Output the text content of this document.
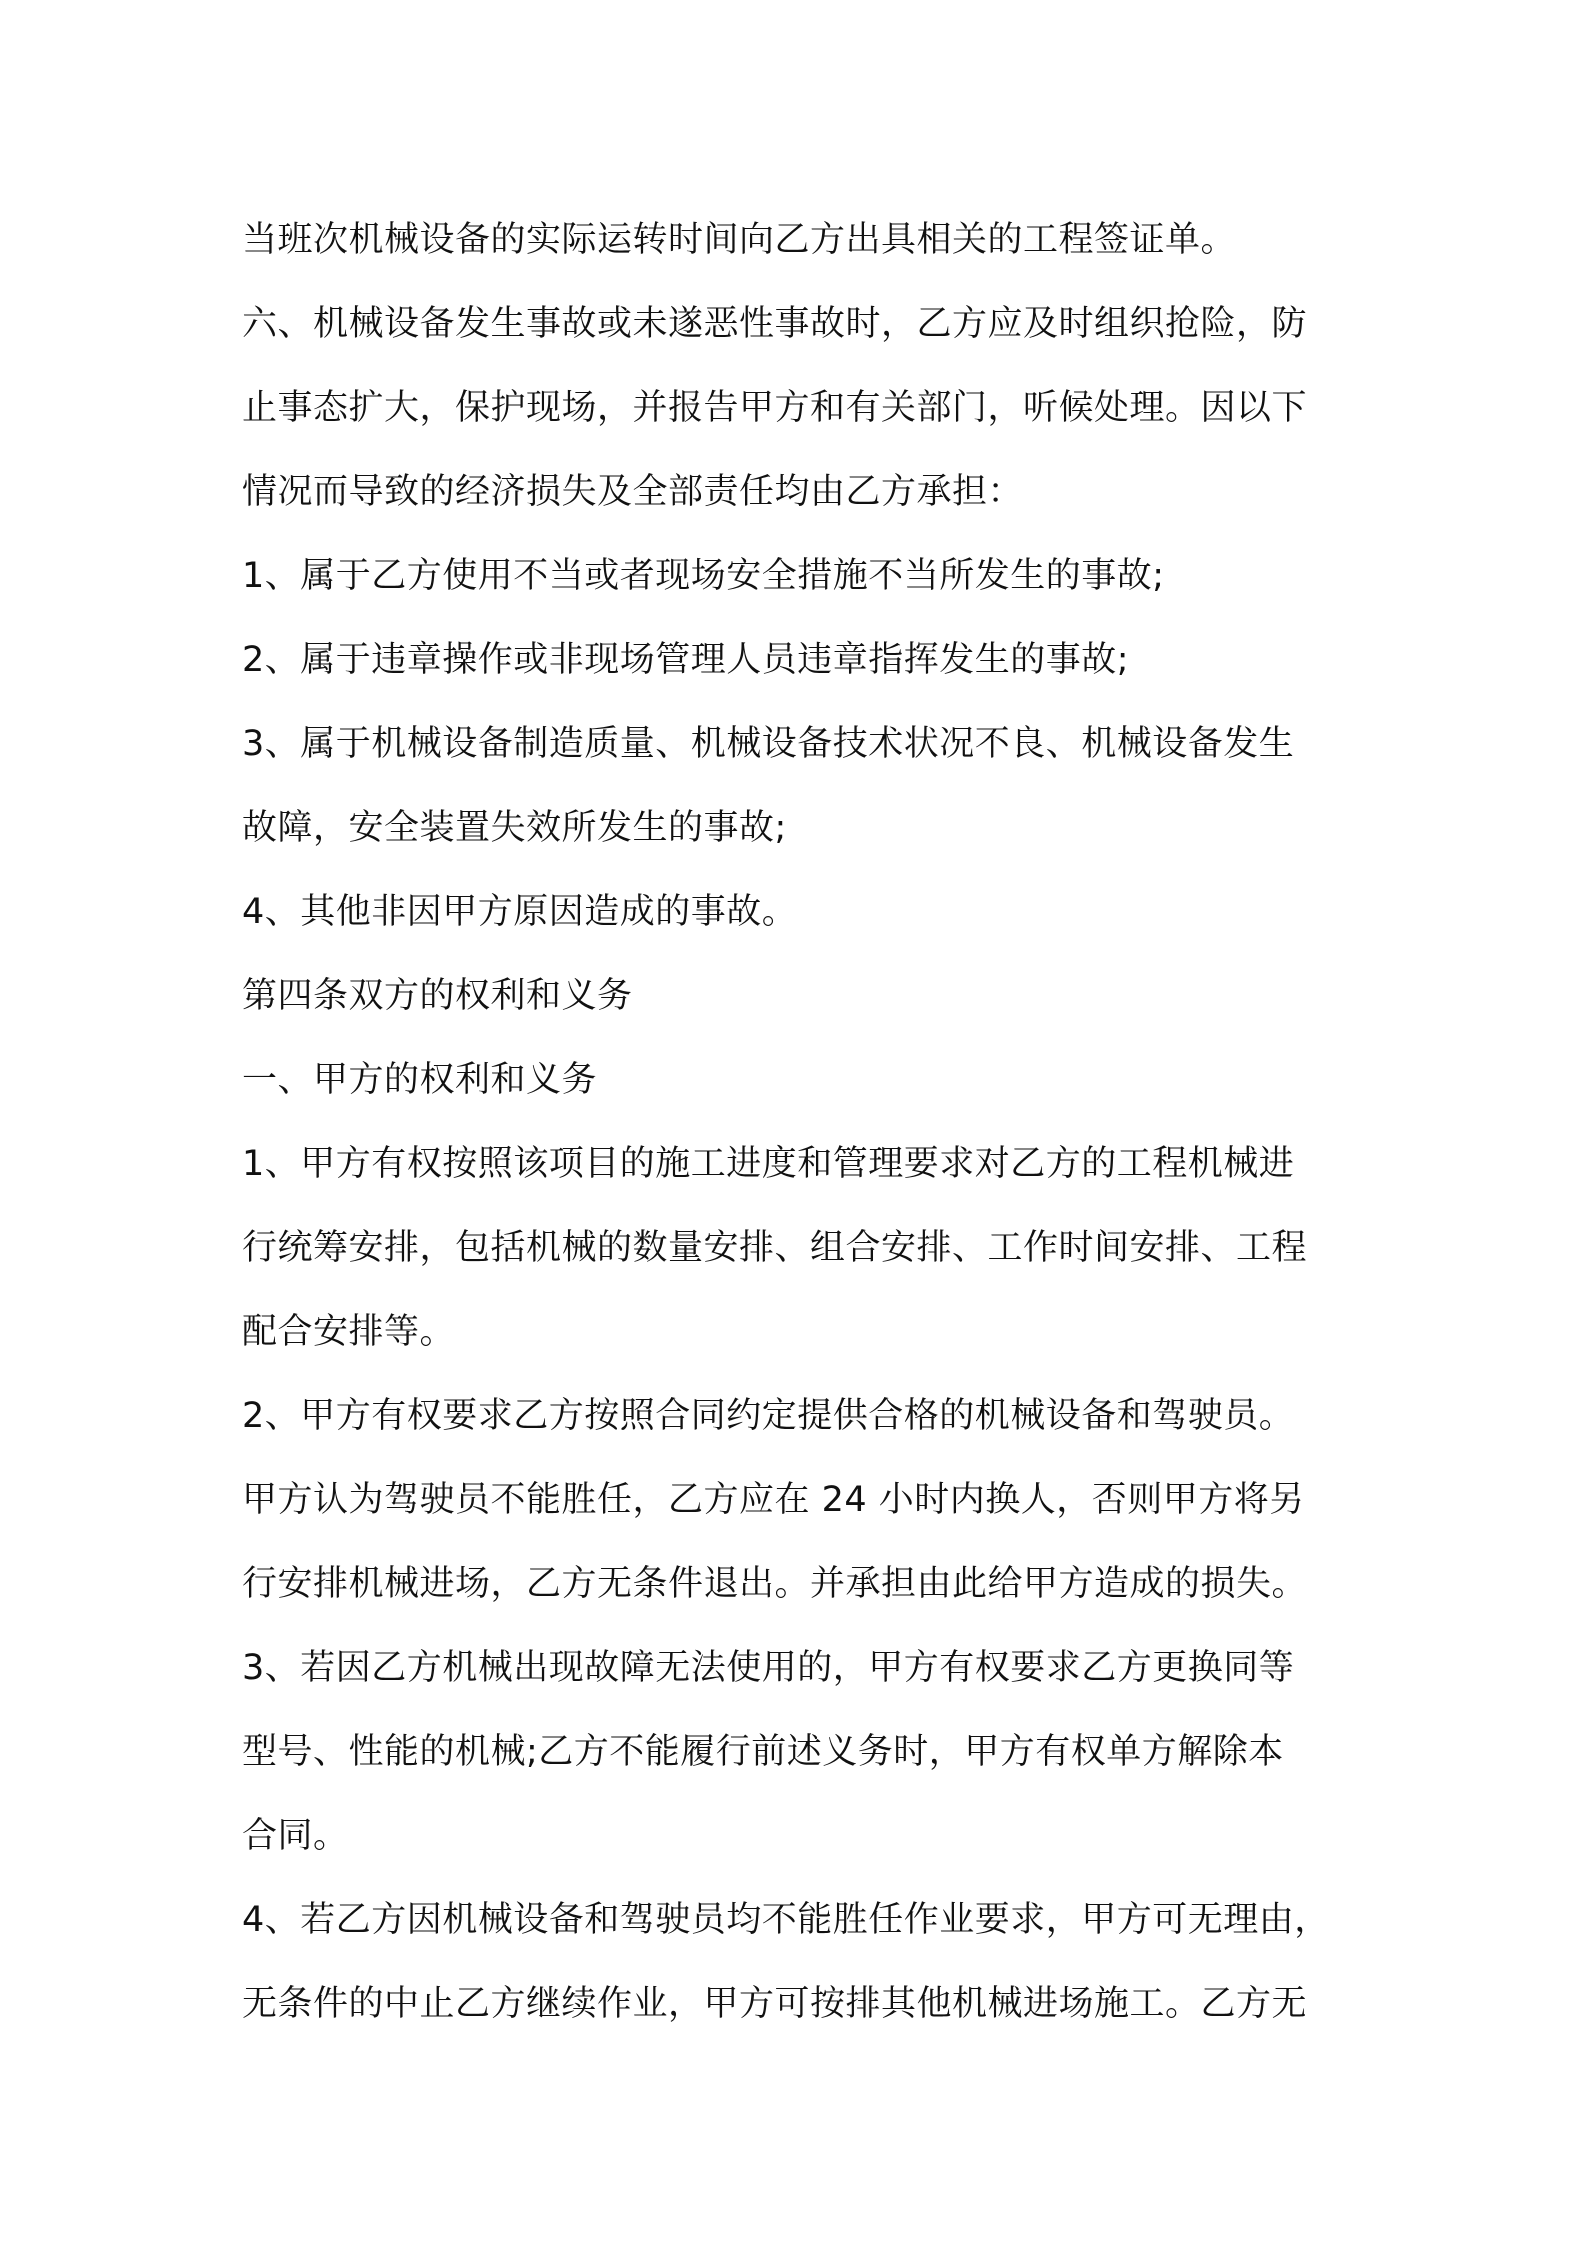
当班次机械设备的实际运转时间向乙方出具相关的工程签证单。

六、机械设备发生事故或未遂恶性事故时，乙方应及时组织抢险，防

止事态扩大，保护现场，并报告甲方和有关部门，听候处理。因以下

情况而导致的经济损失及全部责任均由乙方承担：

1、属于乙方使用不当或者现场安全措施不当所发生的事故;

2、属于违章操作或非现场管理人员违章指挥发生的事故;

3、属于机械设备制造质量、机械设备技术状况不良、机械设备发生

故障，安全装置失效所发生的事故;

4、其他非因甲方原因造成的事故。

第四条双方的权利和义务

一、甲方的权利和义务

1、甲方有权按照该项目的施工进度和管理要求对乙方的工程机械进

行统筹安排，包括机械的数量安排、组合安排、工作时间安排、工程

配合安排等。

2、甲方有权要求乙方按照合同约定提供合格的机械设备和驾驶员。

甲方认为驾驶员不能胜任，乙方应在 24 小时内换人，否则甲方将另

行安排机械进场，乙方无条件退出。并承担由此给甲方造成的损失。

3、若因乙方机械出现故障无法使用的，甲方有权要求乙方更换同等

型号、性能的机械;乙方不能履行前述义务时，甲方有权单方解除本

合同。

4、若乙方因机械设备和驾驶员均不能胜任作业要求，甲方可无理由，

无条件的中止乙方继续作业，甲方可按排其他机械进场施工。乙方无
